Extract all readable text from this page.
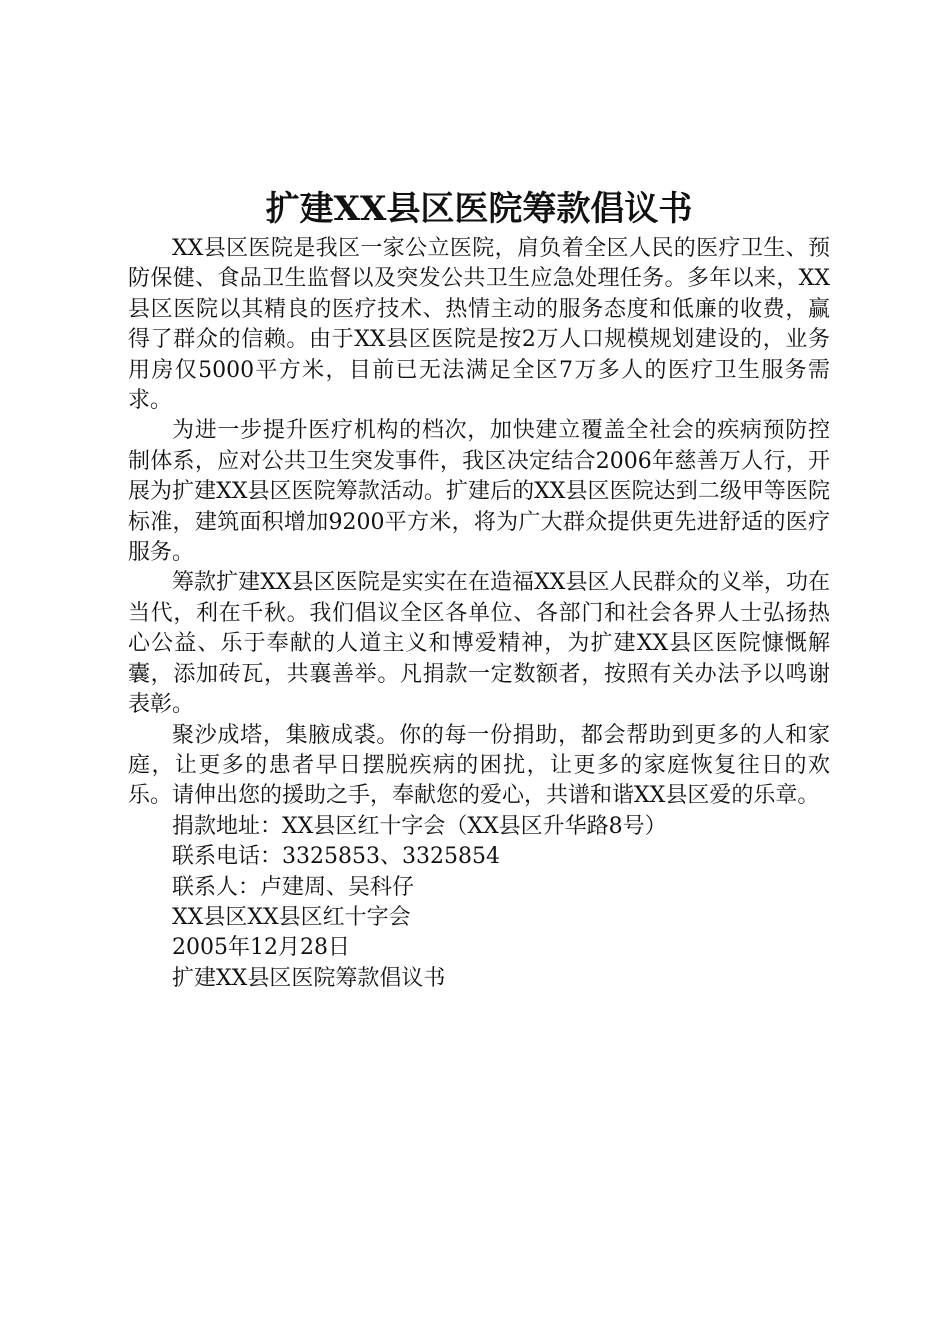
扩建XX县区医院筹款倡议书

XX县区医院是我区一家公立医院，肩负着全区人民的医疗卫生、预防保健、食品卫生监督以及突发公共卫生应急处理任务。多年以来，XX县区医院以其精良的医疗技术、热情主动的服务态度和低廉的收费，赢得了群众的信赖。由于XX县区医院是按2万人口规模规划建设的，业务用房仅5000平方米，目前已无法满足全区7万多人的医疗卫生服务需求。

为进一步提升医疗机构的档次，加快建立覆盖全社会的疾病预防控制体系，应对公共卫生突发事件，我区决定结合2006年慈善万人行，开展为扩建XX县区医院筹款活动。扩建后的XX县区医院达到二级甲等医院标准，建筑面积增加9200平方米，将为广大群众提供更先进舒适的医疗服务。

筹款扩建XX县区医院是实实在在造福XX县区人民群众的义举，功在当代，利在千秋。我们倡议全区各单位、各部门和社会各界人士弘扬热心公益、乐于奉献的人道主义和博爱精神，为扩建XX县区医院慷慨解囊，添加砖瓦，共襄善举。凡捐款一定数额者，按照有关办法予以鸣谢表彰。

聚沙成塔，集腋成裘。你的每一份捐助，都会帮助到更多的人和家庭，让更多的患者早日摆脱疾病的困扰，让更多的家庭恢复往日的欢乐。请伸出您的援助之手，奉献您的爱心，共谱和谐XX县区爱的乐章。

捐款地址：XX县区红十字会（XX县区升华路8号）
联系电话：3325853、3325854
联系人：卢建周、吴科仔
XX县区XX县区红十字会
2005年12月28日
扩建XX县区医院筹款倡议书
